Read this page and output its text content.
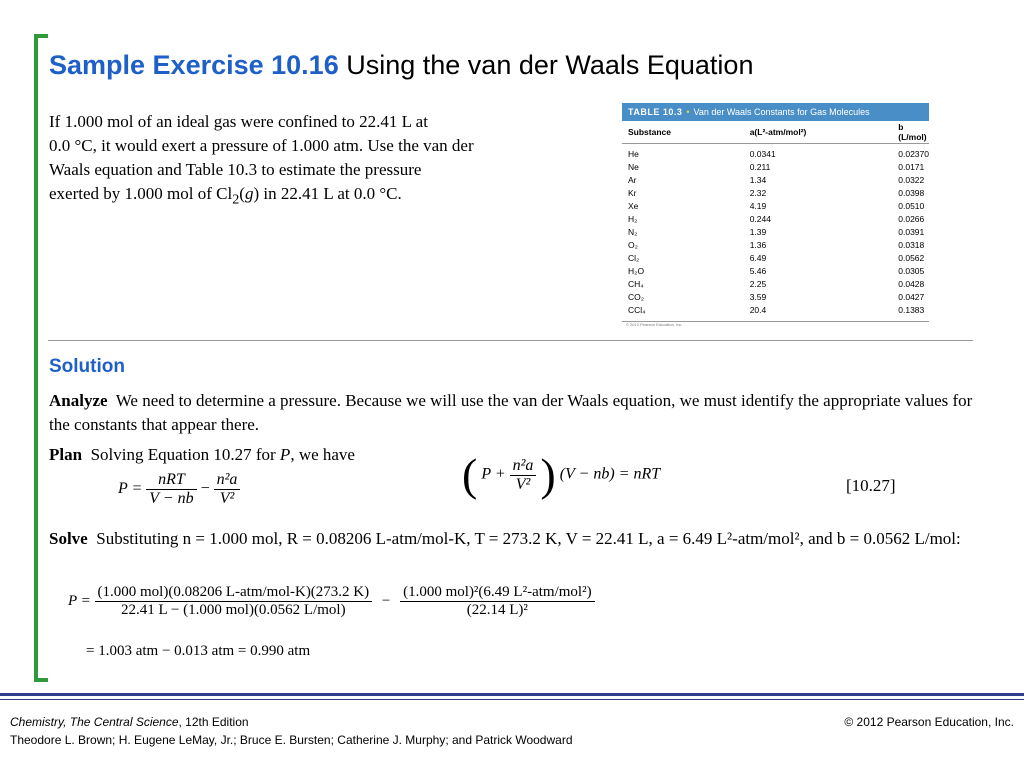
Sample Exercise 10.16 Using the van der Waals Equation
If 1.000 mol of an ideal gas were confined to 22.41 L at
0.0 °C, it would exert a pressure of 1.000 atm. Use the van der
Waals equation and Table 10.3 to estimate the pressure
exerted by 1.000 mol of $Cl_2(g)$ in 22.41 L at 0.0 °C.
TABLE 10.3 • Van der Waals Constants for Gas Molecules
Substance	a(L²-atm/mol²)	b (L/mol)
He	0.0341	0.02370
Ne	0.211	0.0171
Ar	1.34	0.0322
Kr	2.32	0.0398
Xe	4.19	0.0510
H₂	0.244	0.0266
N₂	1.39	0.0391
O₂	1.36	0.0318
Cl₂	6.49	0.0562
H₂O	5.46	0.0305
CH₄	2.25	0.0428
CO₂	3.59	0.0427
CCl₄	20.4	0.1383
© 2012 Pearson Education, Inc.
Solution
Analyze We need to determine a pressure. Because we will use the van der Waals equation, we must identify the appropriate values for the constants that appear there.
Plan Solving Equation 10.27 for P, we have	( $P + \frac{\text{n²a}}{\text{V²}}$ ) (V − nb) = nRT
[10.27]
$P = \frac{\text{nRT}}{V - nb} - \frac{\text{n²a}}{\text{V²}}$
Solve Substituting n = 1.000 mol, R = 0.08206 L-atm/mol-K, T = 273.2 K, V = 22.41 L, a = 6.49 L²-atm/mol², and b = 0.0562 L/mol:
$P = \frac{\text{(1.000 mol)(0.08206 L-atm/mol-K)(273.2 K)}}{\text{22.41 L − (1.000 mol)(0.0562 L/mol)}} - \frac{\text{(1.000 mol)²(6.49 L²-atm/mol²)}}{\text{(22.14 L)²}}$
= 1.003 atm − 0.013 atm = 0.990 atm
Chemistry, The Central Science, 12th Edition
Theodore L. Brown; H. Eugene LeMay, Jr.; Bruce E. Bursten; Catherine J. Murphy; and Patrick Woodward
© 2012 Pearson Education, Inc.
